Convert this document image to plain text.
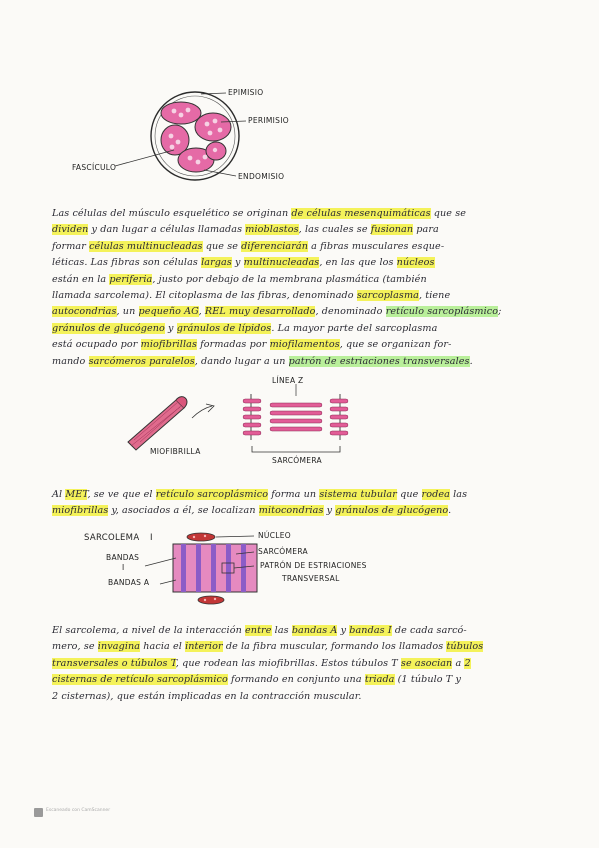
EPIMISIO
PERIMISIO
FASCÍCULO
ENDOMISIO
Las células del músculo esquelético se originan de células mesenquimáticas que se
dividen y dan lugar a células llamadas mioblastos, las cuales se fusionan para
formar células multinucleadas que se diferenciarán a fibras musculares esque-
léticas. Las fibras son células largas y multinucleadas, en las que los núcleos
están en la periferia, justo por debajo de la membrana plasmática (también
llamada sarcolema). El citoplasma de las fibras, denominado sarcoplasma, tiene
autocondrias, un pequeño AG, REL muy desarrollado, denominado retículo sarcoplásmico;
gránulos de glucógeno y gránulos de lípidos. La mayor parte del sarcoplasma
está ocupado por miofibrillas formadas por miofilamentos, que se organizan for-
mando sarcómeros paralelos, dando lugar a un patrón de estriaciones transversales.
LÍNEA Z
MIOFIBRILLA
SARCÓMERA
Al MET, se ve que el retículo sarcoplásmico forma un sistema tubular que rodea las
miofibrillas y, asociados a él, se localizan mitocondrias y gránulos de glucógeno.
SARCOLEMA I	NÚCLEO
BANDAS
SARCÓMERA
I	PATRÓN DE ESTRIACIONES
BANDAS A	TRANSVERSAL
El sarcolema, a nivel de la interacción entre las bandas A y bandas I de cada sarcó-
mero, se invagina hacia el interior de la fibra muscular, formando los llamados túbulos
transversales o túbulos T, que rodean las miofibrillas. Estos túbulos T se asocian a 2
cisternas de retículo sarcoplásmico formando en conjunto una triada (1 túbulo T y
2 cisternas), que están implicadas en la contracción muscular.
Escaneado con CamScanner
